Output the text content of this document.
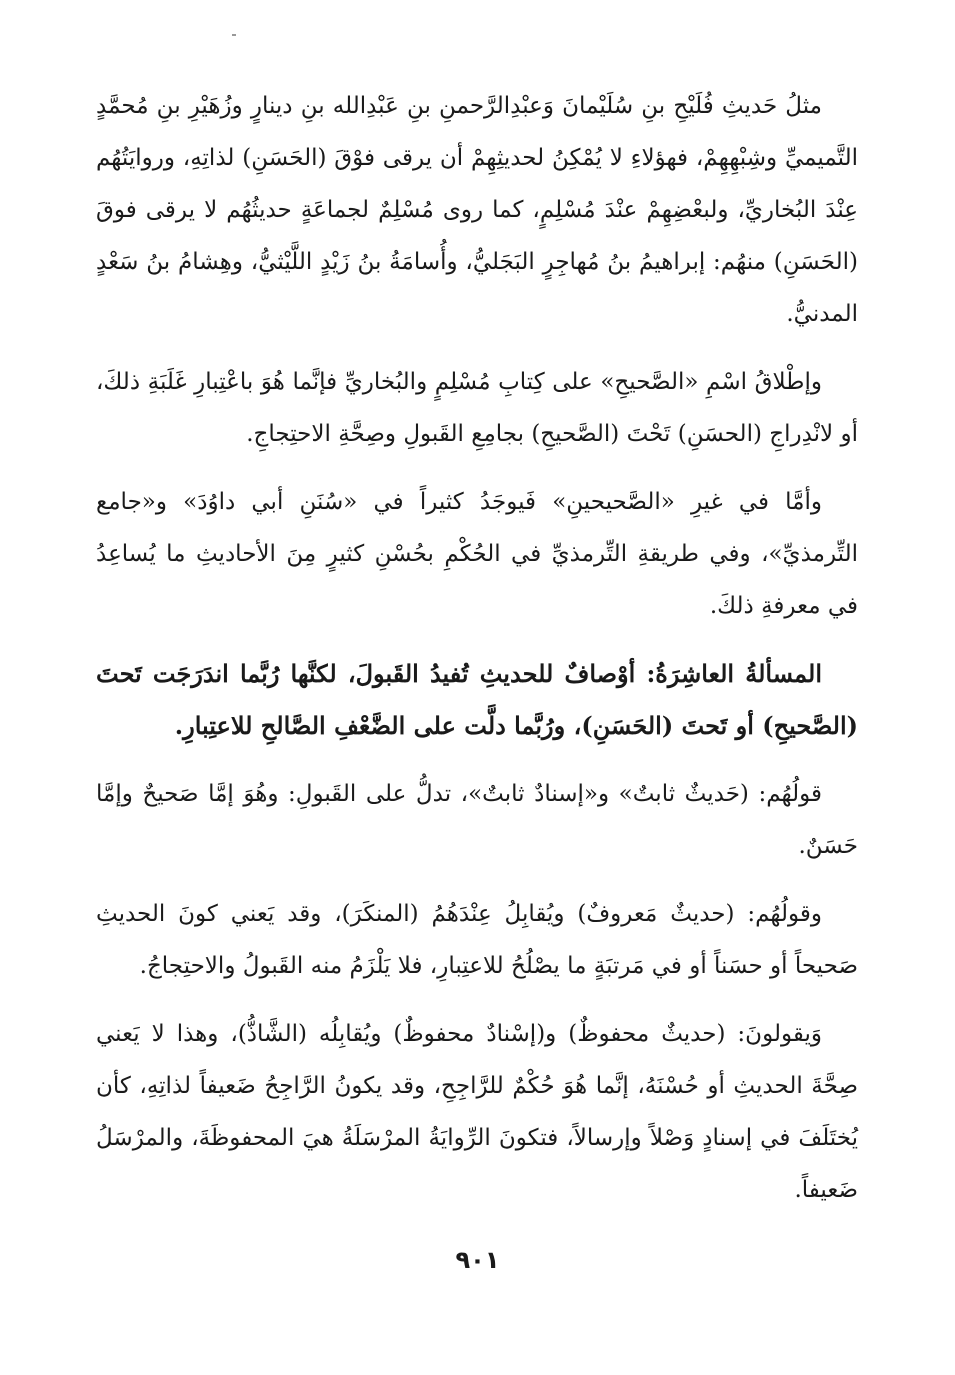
مثلُ حَديثِ فُلَيْحِ بنِ سُلَيْمانَ وَعبْدِالرَّحمنِ بنِ عَبْدِالله بنِ دينارٍ وزُهَيْرِ بنِ مُحمَّدٍ التَّميميِّ وشِبْهِهِمْ، فهؤلاءِ لا يُمْكِنُ لحديثِهِمْ أن يرقى فوْقَ (الحَسَنِ) لذاتِهِ، وروايَتُهُم عِنْدَ البُخاريِّ، ولبعْضِهِمْ عنْدَ مُسْلِمٍ، كما روى مُسْلِمٌ لجماعَةٍ حديثُهُم لا يرقى فوقَ (الحَسَنِ) منهُم: إبراهيمُ بنُ مُهاجِرٍ البَجَليُّ، وأُسامَةُ بنُ زَيْدٍ اللَّيْثيُّ، وهِشامُ بنُ سَعْدٍ المدنيُّ.

وإطْلاقُ اسْمِ «الصَّحيحِ» على كِتابِ مُسْلِمٍ والبُخاريِّ فإنَّما هُوَ باعْتِبارِ غَلَبَةِ ذلكَ، أو لانْدِراجِ (الحسَنِ) تَحْتَ (الصَّحيحِ) بجامِعِ القَبولِ وصِحَّةِ الاحتِجاجِ.

وأمَّا في غيرِ «الصَّحيحينِ» فَيوجَدُ كثيراً في «سُنَنِ أبي داوُدَ» و«جامع التِّرمذيِّ»، وفي طريقةِ التِّرمذيِّ في الحُكْمِ بحُسْنِ كثيرٍ مِنَ الأحاديثِ ما يُساعِدُ في معرفةِ ذلكَ.

المسألةُ العاشِرَةُ: أوْصافٌ للحديثِ تُفيدُ القَبولَ، لكنَّها رُبَّما اندَرَجَت تَحتَ (الصَّحيحِ) أو تَحتَ (الحَسَنِ)، ورُبَّما دلَّت على الضَّعْفِ الصَّالحِ للاعتِبارِ.

قولُهُم: (حَديثٌ ثابتٌ» و«إسنادٌ ثابتٌ»، تدلُّ على القَبولِ: وهُوَ إمَّا صَحيحٌ وإمَّا حَسَنٌ.

وقولُهُم: (حديثٌ مَعروفٌ) ويُقابِلُ عِنْدَهُمُ (المنكَرَ)، وقد يَعني كونَ الحديثِ صَحيحاً أو حسَناً أو في مَرتبَةٍ ما يصْلُحُ للاعتِبارِ، فلا يَلْزَمُ منه القَبولُ والاحتِجاجُ.

وَيقولونَ: (حديثٌ محفوظٌ) و(إسْنادٌ محفوظٌ) ويُقابِلُه (الشَّاذُّ)، وهذا لا يَعني صِحَّةَ الحديثِ أو حُسْنَهُ، إنَّما هُوَ حُكْمٌ للرَّاجِحِ، وقد يكونُ الرَّاجِحُ ضَعيفاً لذاتِهِ، كأن يُختَلَفَ في إسنادٍ وَصْلاً وإرسالاً، فتكونَ الرِّوايَةُ المرْسَلَةُ هيَ المحفوظَةَ، والمرْسَلُ ضَعيفاً.

٩٠١
